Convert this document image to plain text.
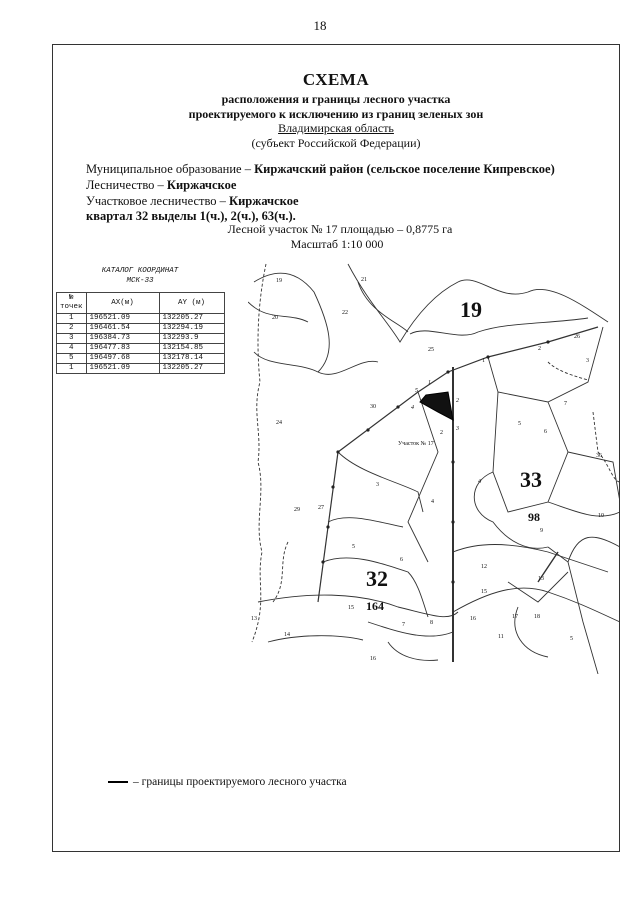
18
СХЕМА
расположения и границы лесного участка
проектируемого к исключению из границ зеленых зон
Владимирская область
(субъект Российской Федерации)
Муниципальное образование – Киржачский район (сельское поселение Кипревское)
Лесничество – Киржачское
Участковое лесничество – Киржачское
квартал 32 выделы 1(ч.), 2(ч.), 63(ч.).
Лесной участок № 17 площадью – 0,8775 га
Масштаб 1:10 000
КАТАЛОГ КООРДИНАТ
МСК-33
№ точек	AX(м)	AY (м)
1	196521.09	132205.27
2	196461.54	132294.19
3	196384.73	132293.9
4	196477.83	132154.85
5	196497.68	132178.14
1	196521.09	132205.27
19
33
32
98
164
Участок № 17
1
2
3
4
5
19	21
20
22
25
1
2
26
3
30
24
2	6
7
5
36
3
4
4
27
29
9
10
5
6
12
13
15
16	17	18
13
14
15
7	8
16
5
11
– границы проектируемого лесного участка
